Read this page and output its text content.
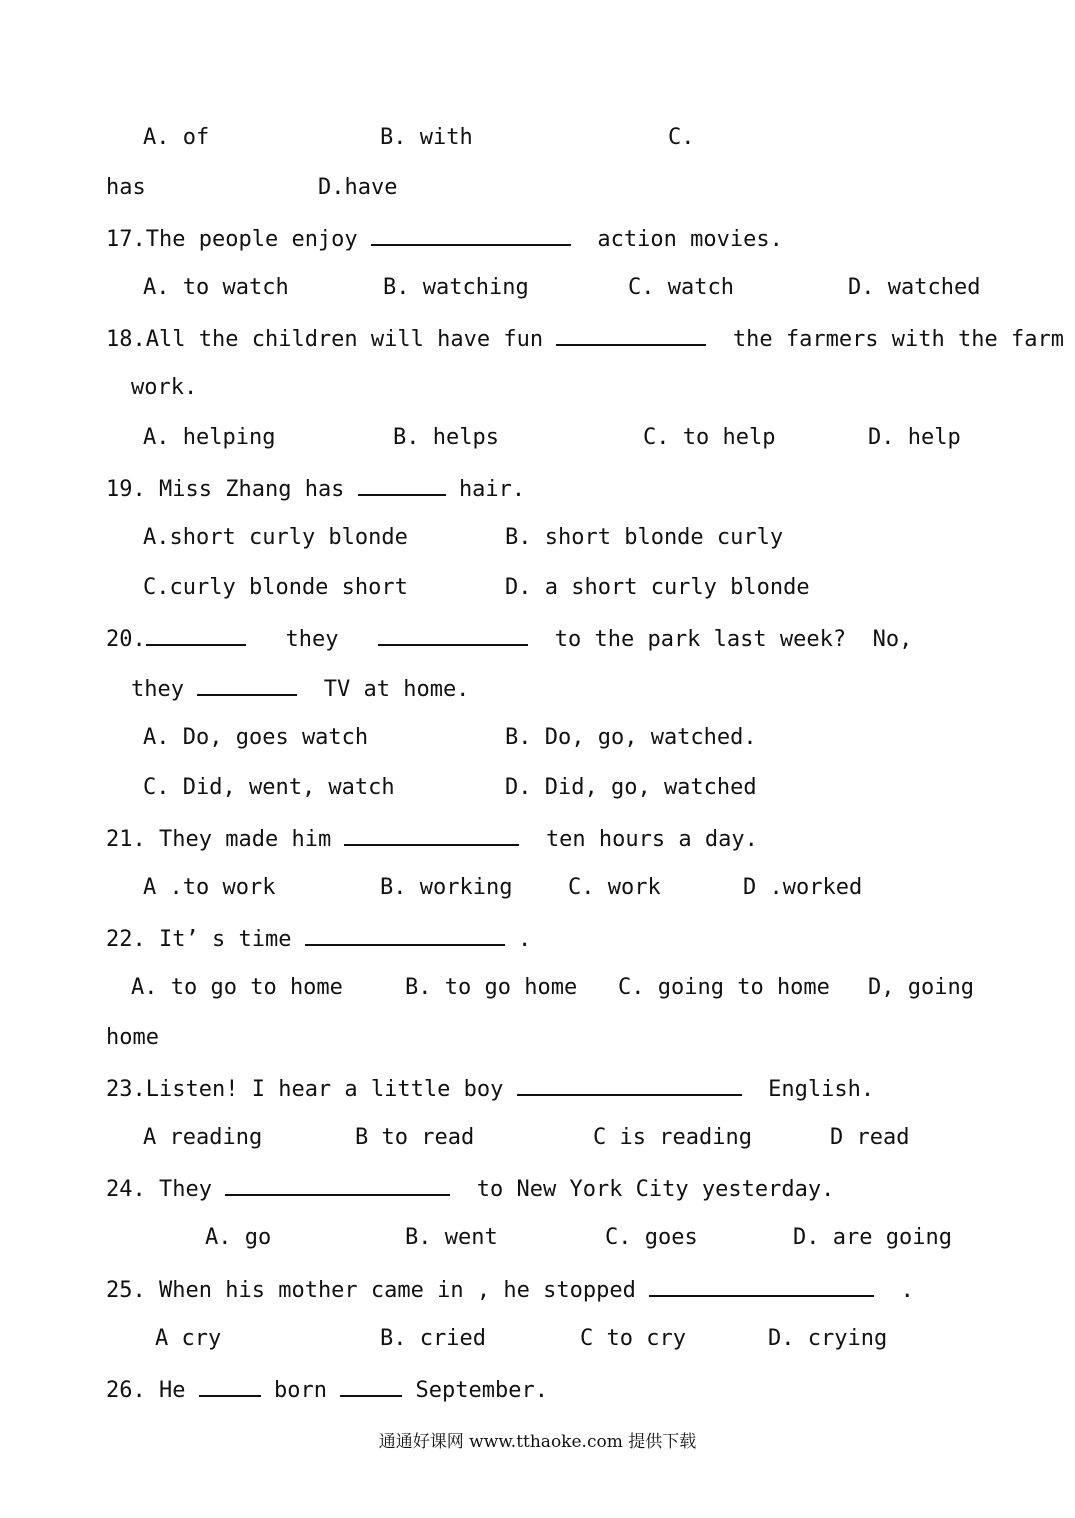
A. of	B. with	C.

has	D.have

17.The people enjoy	action movies.

A. to watch	B. watching	C. watch	D. watched

18.All the children will have fun	the farmers with the farm

work.

A. helping	B. helps	C. to help	D. help

19. Miss Zhang has	hair.

A.short curly blonde	B. short blonde curly

C.curly blonde short	D. a short curly blonde

20.	they	to the park last week? No,

they	TV at home.

A. Do, goes watch	B. Do, go, watched.

C. Did, went, watch	D. Did, go, watched

21. They made him	ten hours a day.

A .to work	B. working	C. work	D .worked

22. It’ s time	.

A. to go to home	B. to go home C. going to home D, going

home

23.Listen! I hear a little boy	English.

A reading	B to read	C is reading	D read

24. They	to New York City yesterday.

A. go	B. went	C. goes	D. are going

25. When his mother came in , he stopped	.

A cry	B. cried	C to cry	D. crying

26. He	born	September.

通通好课网 www.tthaoke.com 提供下载
